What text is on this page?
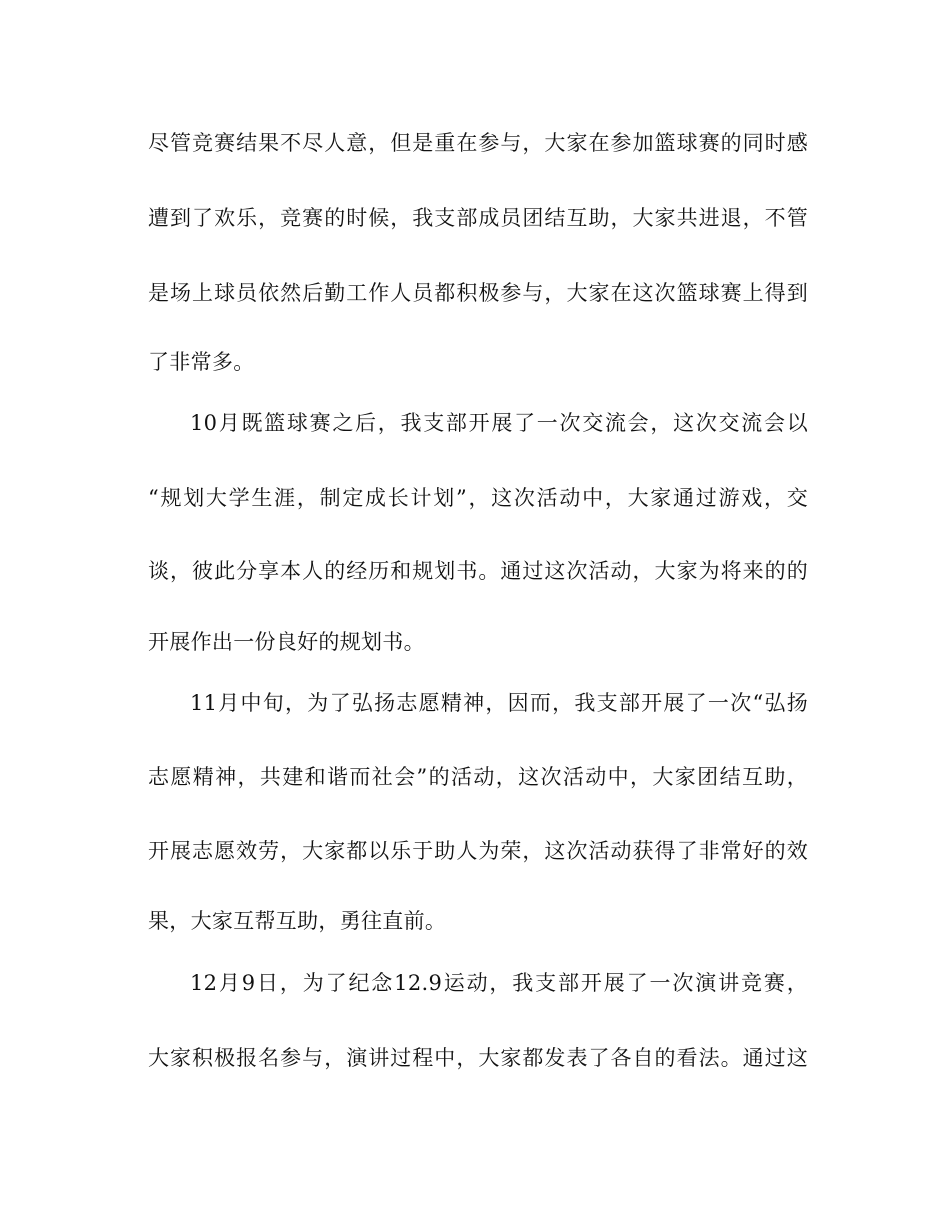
尽管竞赛结果不尽人意，但是重在参与，大家在参加篮球赛的同时感
遭到了欢乐，竞赛的时候，我支部成员团结互助，大家共进退，不管
是场上球员依然后勤工作人员都积极参与，大家在这次篮球赛上得到
了非常多。
10月既篮球赛之后，我支部开展了一次交流会，这次交流会以
“规划大学生涯，制定成长计划”，这次活动中，大家通过游戏，交
谈，彼此分享本人的经历和规划书。通过这次活动，大家为将来的的
开展作出一份良好的规划书。
11月中旬，为了弘扬志愿精神，因而，我支部开展了一次“弘扬
志愿精神，共建和谐而社会”的活动，这次活动中，大家团结互助，
开展志愿效劳，大家都以乐于助人为荣，这次活动获得了非常好的效
果，大家互帮互助，勇往直前。
12月9日，为了纪念12.9运动，我支部开展了一次演讲竞赛，
大家积极报名参与，演讲过程中，大家都发表了各自的看法。通过这
